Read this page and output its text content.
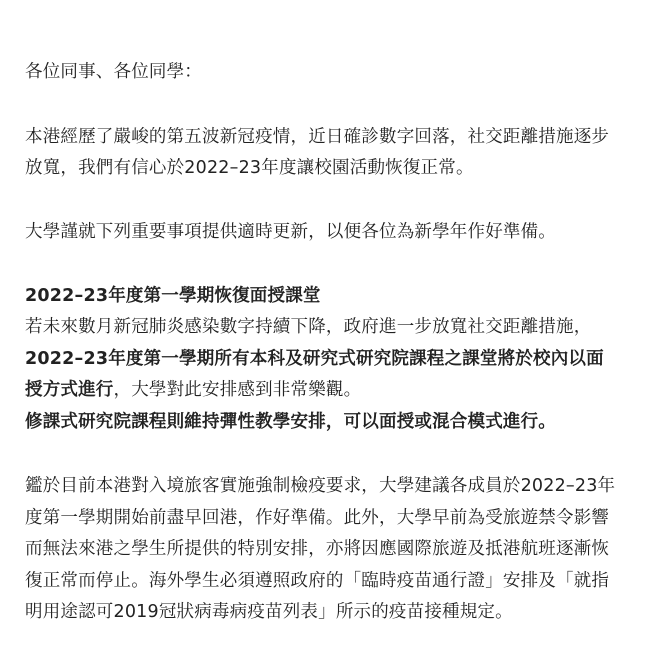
各位同事、各位同學：
本港經歷了嚴峻的第五波新冠疫情，近日確診數字回落，社交距離措施逐步
放寬，我們有信心於2022–23年度讓校園活動恢復正常。
大學謹就下列重要事項提供適時更新，以便各位為新學年作好準備。
2022–23年度第一學期恢復面授課堂
若未來數月新冠肺炎感染數字持續下降，政府進一步放寬社交距離措施，
2022–23年度第一學期所有本科及研究式研究院課程之課堂將於校內以面
授方式進行，大學對此安排感到非常樂觀。
修課式研究院課程則維持彈性教學安排，可以面授或混合模式進行。
鑑於目前本港對入境旅客實施強制檢疫要求，大學建議各成員於2022–23年
度第一學期開始前盡早回港，作好準備。此外，大學早前為受旅遊禁令影響
而無法來港之學生所提供的特別安排，亦將因應國際旅遊及抵港航班逐漸恢
復正常而停止。海外學生必須遵照政府的「臨時疫苗通行證」安排及「就指
明用途認可2019冠狀病毒病疫苗列表」所示的疫苗接種規定。
